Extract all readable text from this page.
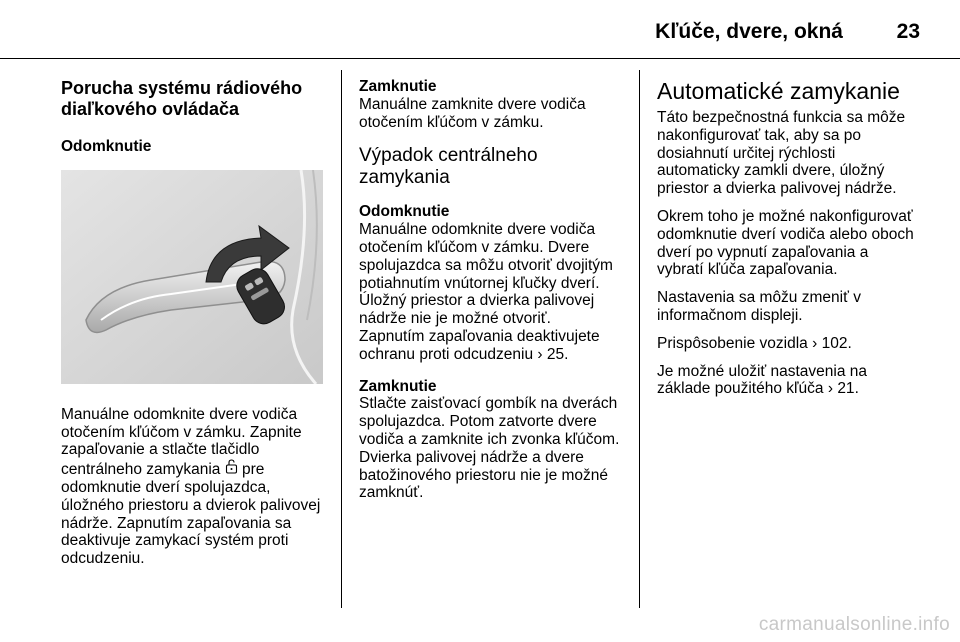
Kľúče, dvere, okná	23
Porucha systému rádiového
diaľkového ovládača
Odomknutie

Manuálne odomknite dvere vodiča
otočením kľúčom v zámku. Zapnite
zapaľovanie a stlačte tlačidlo
centrálneho zamykania  pre
odomknutie dverí spolujazdca,
úložného priestoru a dvierok palivovej
nádrže. Zapnutím zapaľovania sa
deaktivuje zamykací systém proti
odcudzeniu.

Zamknutie

Manuálne zamknite dvere vodiča
otočením kľúčom v zámku.

Výpadok centrálneho
zamykania
Odomknutie

Manuálne odomknite dvere vodiča
otočením kľúčom v zámku. Dvere
spolujazdca sa môžu otvoriť dvojitým
potiahnutím vnútornej kľučky dverí.
Úložný priestor a dvierka palivovej
nádrže nie je možné otvoriť.
Zapnutím zapaľovania deaktivujete
ochranu proti odcudzeniu › 25.

Zamknutie

Stlačte zaisťovací gombík na dverách
spolujazdca. Potom zatvorte dvere
vodiča a zamknite ich zvonka kľúčom.
Dvierka palivovej nádrže a dvere
batožinového priestoru nie je možné
zamknúť.

Automatické zamykanie

Táto bezpečnostná funkcia sa môže
nakonfigurovať tak, aby sa po
dosiahnutí určitej rýchlosti
automaticky zamkli dvere, úložný
priestor a dvierka palivovej nádrže.

Okrem toho je možné nakonfigurovať
odomknutie dverí vodiča alebo oboch
dverí po vypnutí zapaľovania a
vybratí kľúča zapaľovania.

Nastavenia sa môžu zmeniť v
informačnom displeji.

Prispôsobenie vozidla › 102.

Je možné uložiť nastavenia na
základe použitého kľúča › 21.

carmanualsonline.info
